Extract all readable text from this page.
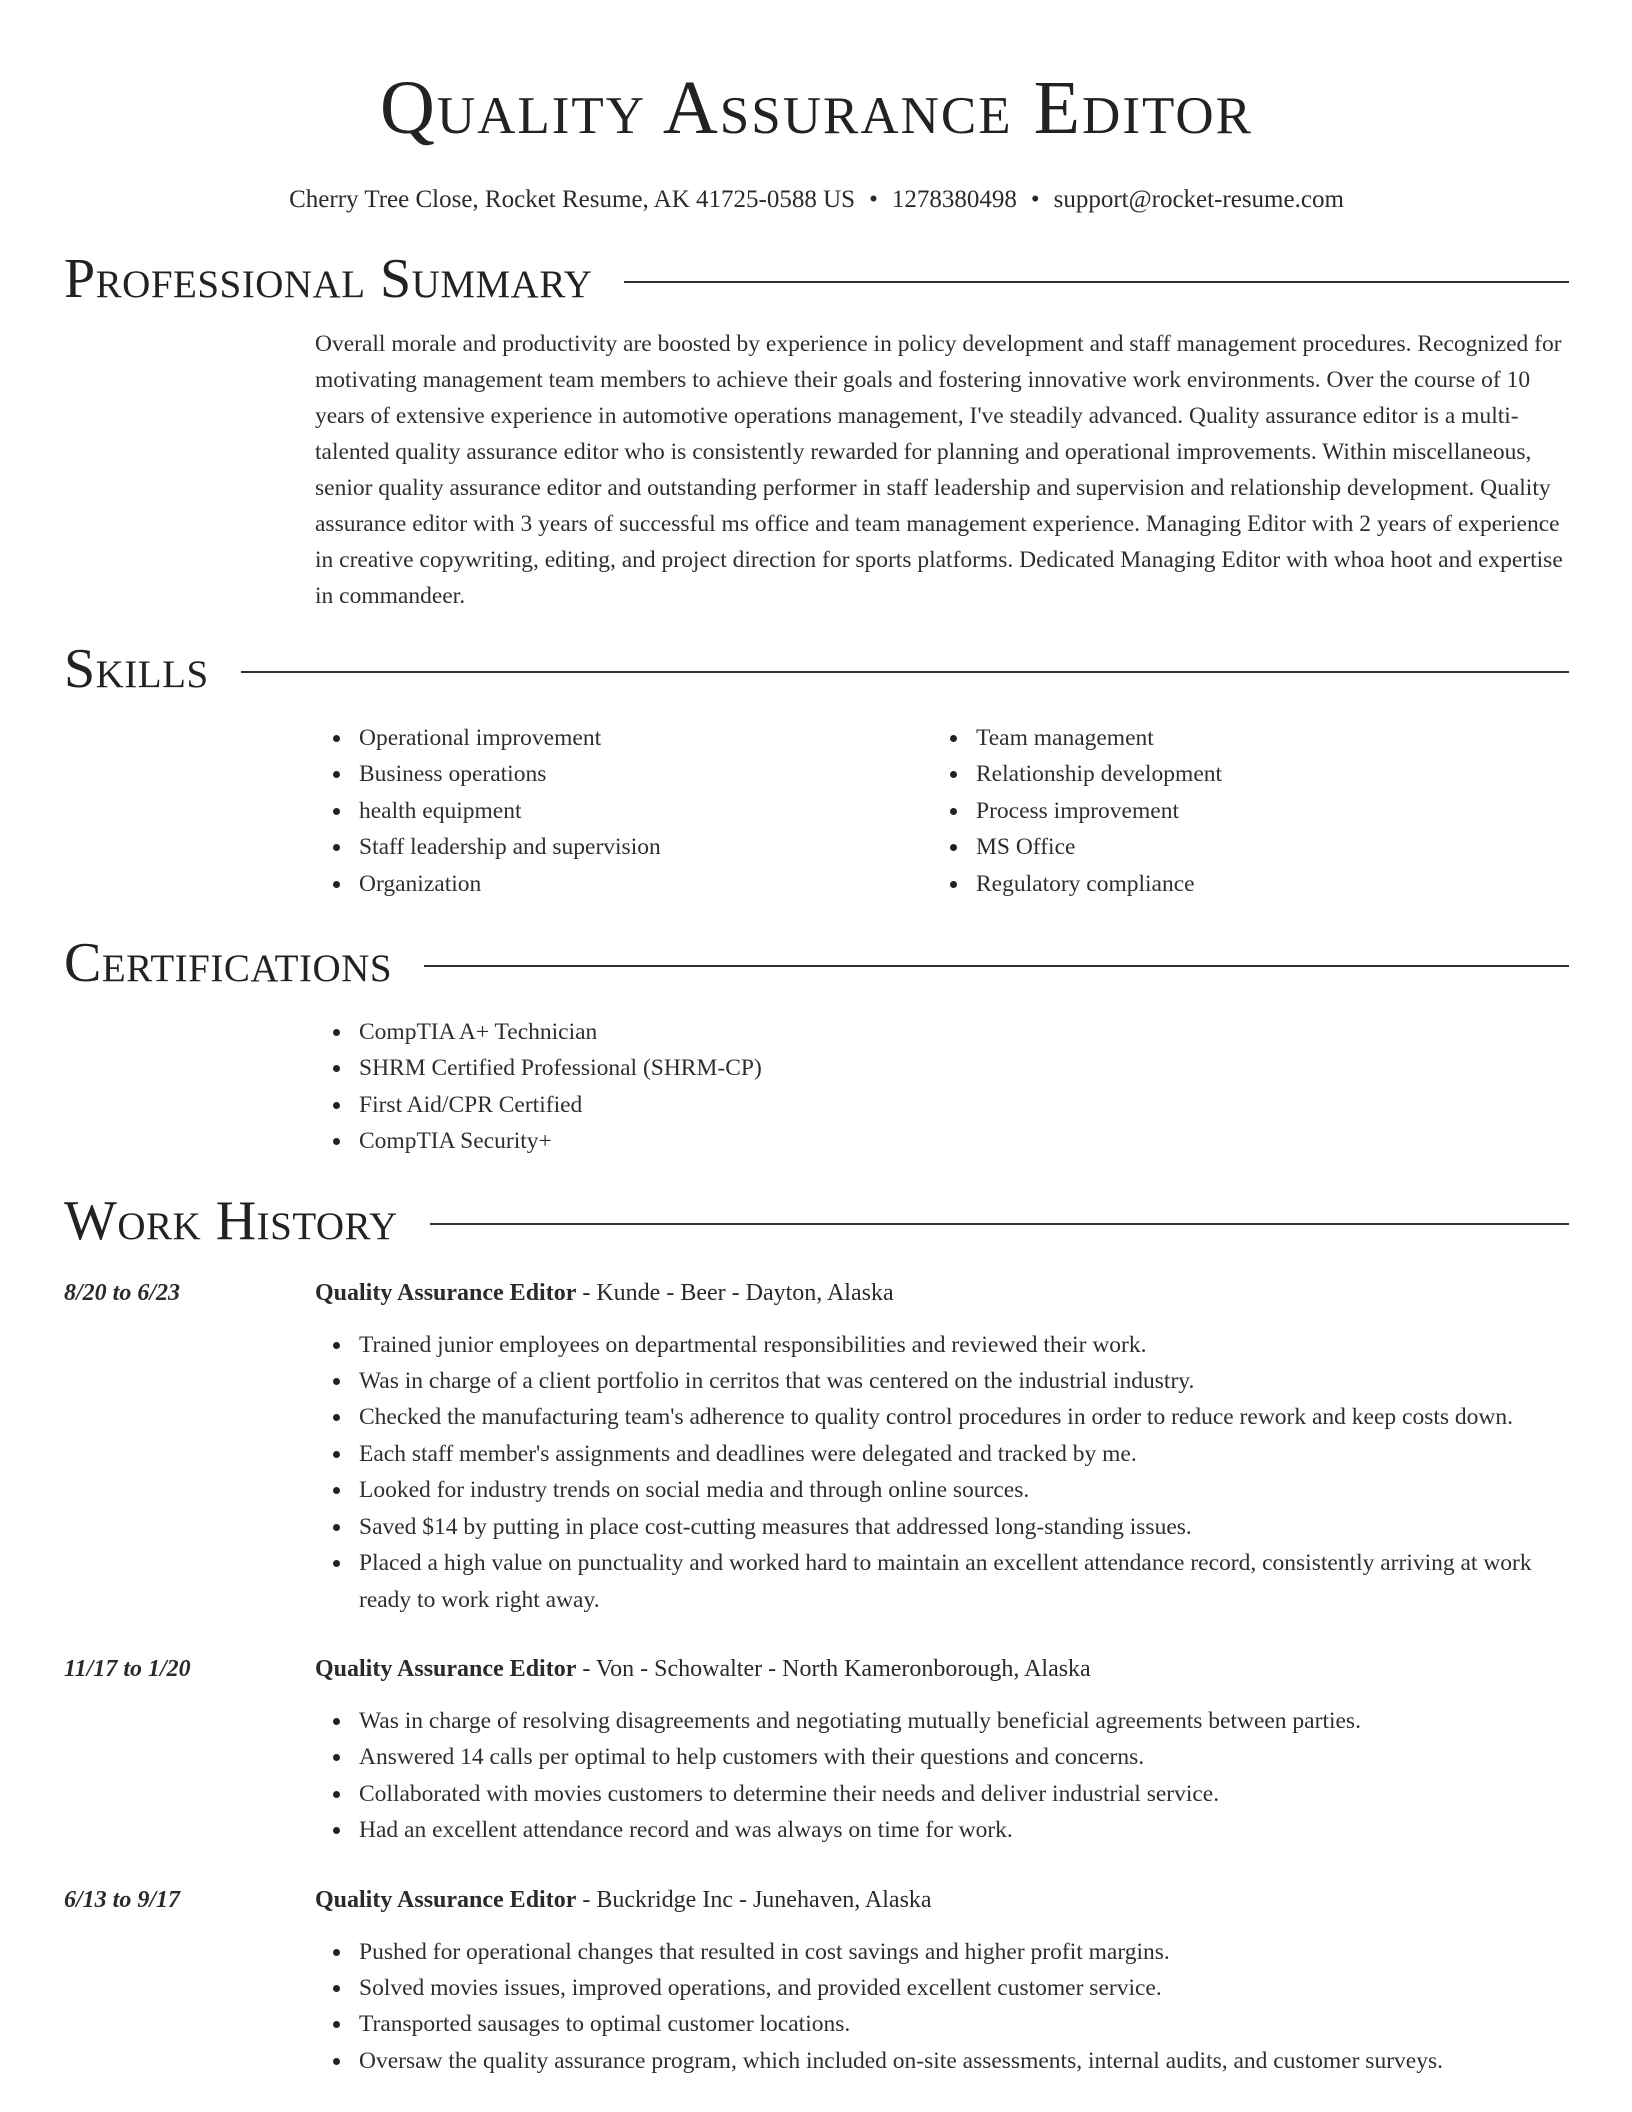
Quality Assurance Editor
Cherry Tree Close, Rocket Resume, AK 41725-0588 US • 1278380498 • support@rocket-resume.com
Professional Summary
Overall morale and productivity are boosted by experience in policy development and staff management procedures. Recognized for motivating management team members to achieve their goals and fostering innovative work environments. Over the course of 10 years of extensive experience in automotive operations management, I've steadily advanced. Quality assurance editor is a multi-talented quality assurance editor who is consistently rewarded for planning and operational improvements. Within miscellaneous, senior quality assurance editor and outstanding performer in staff leadership and supervision and relationship development. Quality assurance editor with 3 years of successful ms office and team management experience. Managing Editor with 2 years of experience in creative copywriting, editing, and project direction for sports platforms. Dedicated Managing Editor with whoa hoot and expertise in commandeer.
Skills
Operational improvement
Business operations
health equipment
Staff leadership and supervision
Organization
Team management
Relationship development
Process improvement
MS Office
Regulatory compliance
Certifications
CompTIA A+ Technician
SHRM Certified Professional (SHRM-CP)
First Aid/CPR Certified
CompTIA Security+
Work History
8/20 to 6/23	Quality Assurance Editor - Kunde - Beer - Dayton, Alaska
Trained junior employees on departmental responsibilities and reviewed their work.
Was in charge of a client portfolio in cerritos that was centered on the industrial industry.
Checked the manufacturing team's adherence to quality control procedures in order to reduce rework and keep costs down.
Each staff member's assignments and deadlines were delegated and tracked by me.
Looked for industry trends on social media and through online sources.
Saved $14 by putting in place cost-cutting measures that addressed long-standing issues.
Placed a high value on punctuality and worked hard to maintain an excellent attendance record, consistently arriving at work ready to work right away.
11/17 to 1/20	Quality Assurance Editor - Von - Schowalter - North Kameronborough, Alaska
Was in charge of resolving disagreements and negotiating mutually beneficial agreements between parties.
Answered 14 calls per optimal to help customers with their questions and concerns.
Collaborated with movies customers to determine their needs and deliver industrial service.
Had an excellent attendance record and was always on time for work.
6/13 to 9/17	Quality Assurance Editor - Buckridge Inc - Junehaven, Alaska
Pushed for operational changes that resulted in cost savings and higher profit margins.
Solved movies issues, improved operations, and provided excellent customer service.
Transported sausages to optimal customer locations.
Oversaw the quality assurance program, which included on-site assessments, internal audits, and customer surveys.
